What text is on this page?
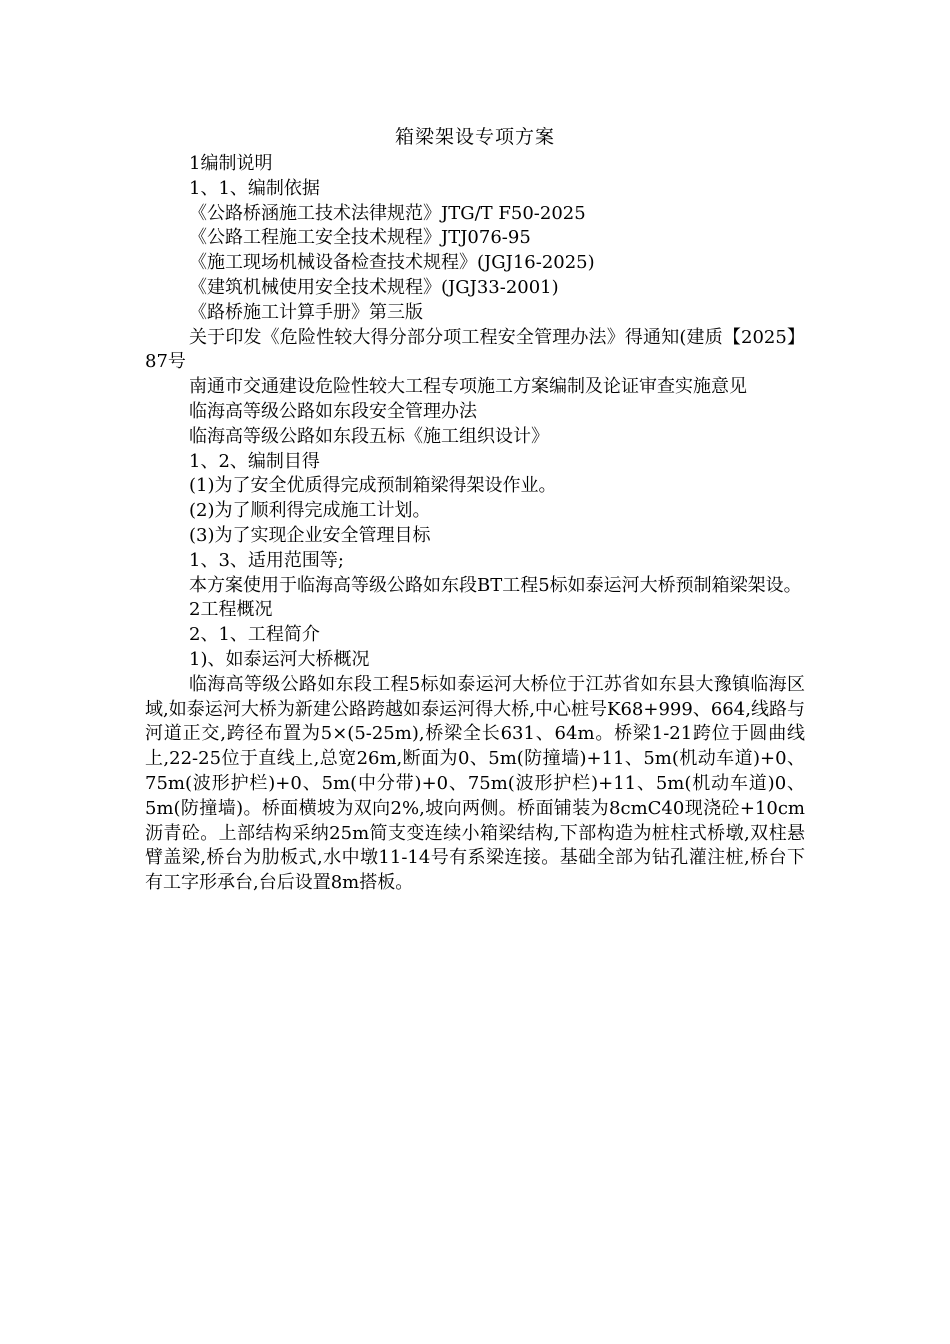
箱梁架设专项方案

1编制说明

1、1、编制依据

《公路桥涵施工技术法律规范》JTG/T F50-2025

《公路工程施工安全技术规程》JTJ076-95

《施工现场机械设备检查技术规程》(JGJ16-2025)

《建筑机械使用安全技术规程》(JGJ33-2001)

《路桥施工计算手册》第三版

关于印发《危险性较大得分部分项工程安全管理办法》得通知(建质【2025】87号

南通市交通建设危险性较大工程专项施工方案编制及论证审查实施意见

临海高等级公路如东段安全管理办法

临海高等级公路如东段五标《施工组织设计》

1、2、编制目得

(1)为了安全优质得完成预制箱梁得架设作业。

(2)为了顺利得完成施工计划。

(3)为了实现企业安全管理目标

1、3、适用范围等;

本方案使用于临海高等级公路如东段BT工程5标如泰运河大桥预制箱梁架设。

2工程概况

2、1、工程简介

1)、如泰运河大桥概况

临海高等级公路如东段工程5标如泰运河大桥位于江苏省如东县大豫镇临海区域,如泰运河大桥为新建公路跨越如泰运河得大桥,中心桩号K68+999、664,线路与河道正交,跨径布置为5×(5-25m),桥梁全长631、64m。桥梁1-21跨位于圆曲线上,22-25位于直线上,总宽26m,断面为0、5m(防撞墙)+11、5m(机动车道)+0、75m(波形护栏)+0、5m(中分带)+0、75m(波形护栏)+11、5m(机动车道)0、5m(防撞墙)。桥面横坡为双向2%,坡向两侧。桥面铺装为8cmC40现浇砼+10cm沥青砼。上部结构采纳25m简支变连续小箱梁结构,下部构造为桩柱式桥墩,双柱悬臂盖梁,桥台为肋板式,水中墩11-14号有系梁连接。基础全部为钻孔灌注桩,桥台下有工字形承台,台后设置8m搭板。
